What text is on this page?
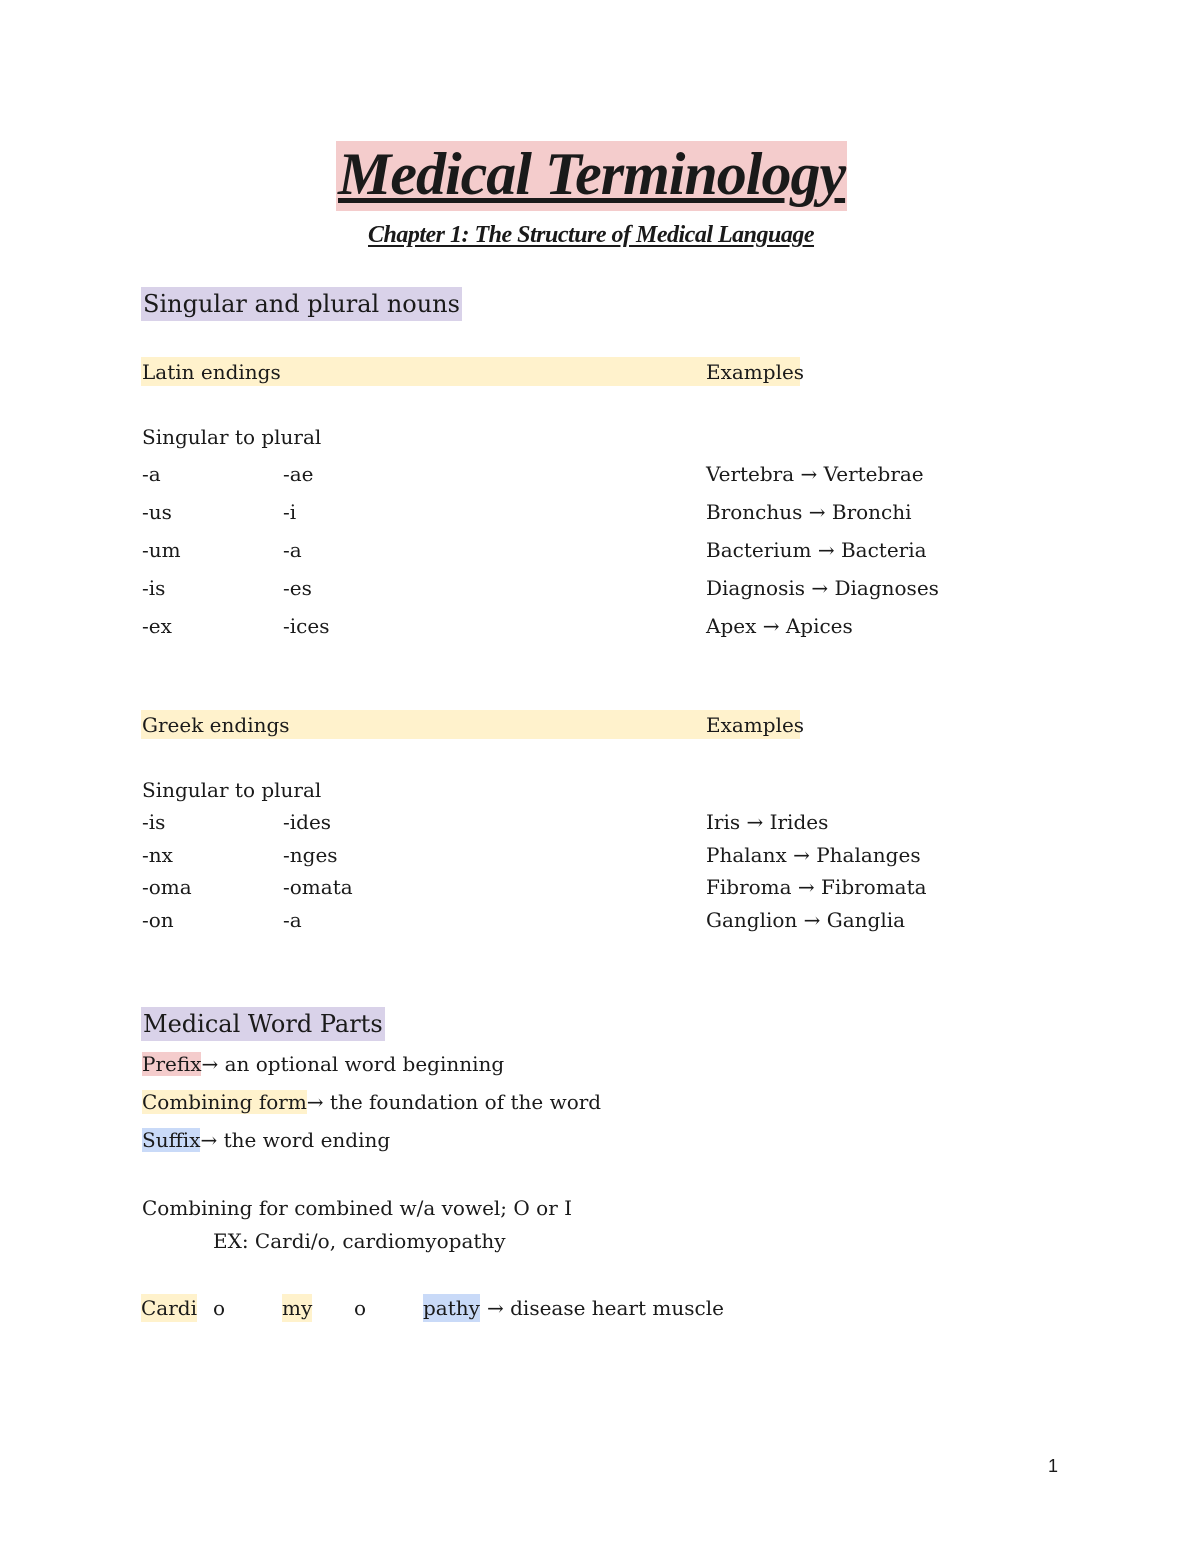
Medical Terminology
Chapter 1: The Structure of Medical Language
Singular and plural nouns
Latin endings	Examples
Singular to plural
-a	-ae	Vertebra → Vertebrae
-us	-i	Bronchus → Bronchi
-um	-a	Bacterium → Bacteria
-is	-es	Diagnosis → Diagnoses
-ex	-ices	Apex → Apices
Greek endings	Examples
Singular to plural
-is	-ides	Iris → Irides
-nx	-nges	Phalanx → Phalanges
-oma	-omata	Fibroma → Fibromata
-on	-a	Ganglion → Ganglia
Medical Word Parts
Prefix→ an optional word beginning
Combining form→ the foundation of the word
Suffix→ the word ending
Combining for combined w/a vowel; O or I
EX: Cardi/o, cardiomyopathy
Cardi o	my o	pathy → disease heart muscle
1
